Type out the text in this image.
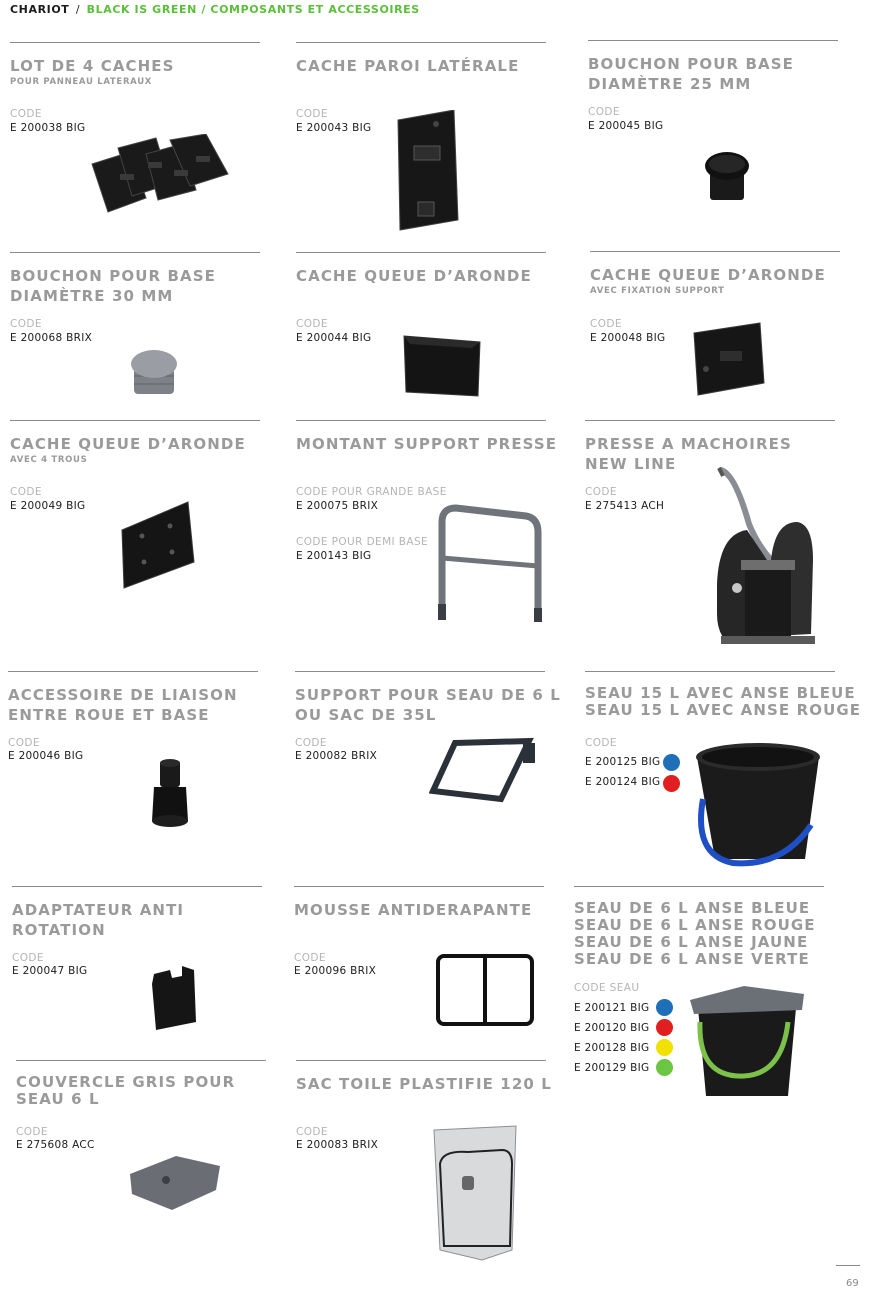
CHARIOT / BLACK IS GREEN / COMPOSANTS ET ACCESSOIRES
LOT DE 4 CACHES
POUR PANNEAU LATERAUX
CODE
E 200038 BIG
CACHE PAROI LATÉRALE
CODE
E 200043 BIG
BOUCHON POUR BASE
DIAMÈTRE 25 MM
CODE
E 200045 BIG
BOUCHON POUR BASE
DIAMÈTRE 30 MM
CODE
E 200068 BRIX
CACHE QUEUE D’ARONDE
CODE
E 200044 BIG
CACHE QUEUE D’ARONDE
AVEC FIXATION SUPPORT
CODE
E 200048 BIG
CACHE QUEUE D’ARONDE
AVEC 4 TROUS
CODE
E 200049 BIG
MONTANT SUPPORT PRESSE
CODE POUR GRANDE BASE
E 200075 BRIX
CODE POUR DEMI BASE
E 200143 BIG
PRESSE A MACHOIRES
NEW LINE
CODE
E 275413 ACH
ACCESSOIRE DE LIAISON
ENTRE ROUE ET BASE
CODE
E 200046 BIG
SUPPORT POUR SEAU DE 6 L
OU SAC DE 35L
CODE
E 200082 BRIX
SEAU 15 L AVEC ANSE BLEUE
SEAU 15 L AVEC ANSE ROUGE
CODE
E 200125 BIG
E 200124 BIG
ADAPTATEUR ANTI
ROTATION
CODE
E 200047 BIG
MOUSSE ANTIDERAPANTE
CODE
E 200096 BRIX
SEAU DE 6 L ANSE BLEUE
SEAU DE 6 L ANSE ROUGE
SEAU DE 6 L ANSE JAUNE
SEAU DE 6 L ANSE VERTE
CODE SEAU
E 200121 BIG
E 200120 BIG
E 200128 BIG
E 200129 BIG
COUVERCLE GRIS POUR
SEAU 6 L
CODE
E 275608 ACC
SAC TOILE PLASTIFIE 120 L
CODE
E 200083 BRIX
69
